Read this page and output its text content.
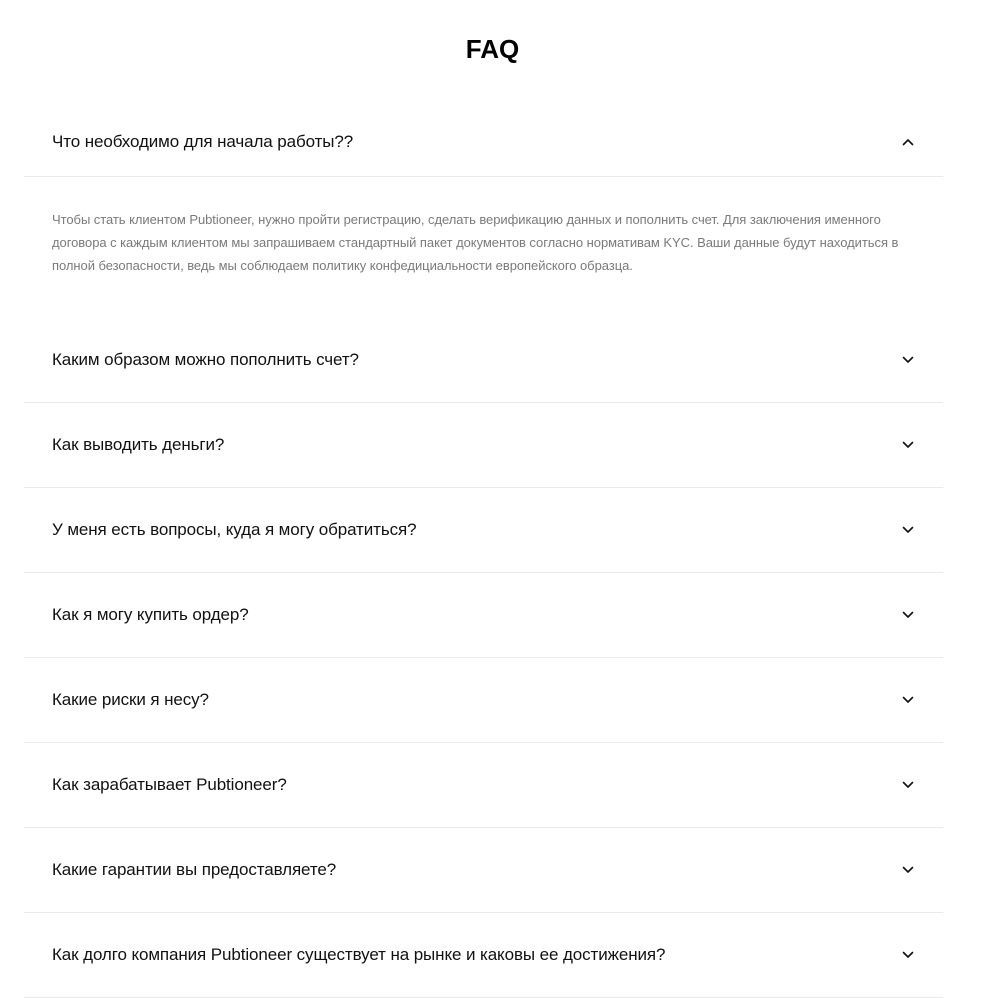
FAQ
Что необходимо для начала работы??
Чтобы стать клиентом Pubtioneer, нужно пройти регистрацию, сделать верификацию данных и пополнить счет. Для заключения именного договора с каждым клиентом мы запрашиваем стандартный пакет документов согласно нормативам KYC. Ваши данные будут находиться в полной безопасности, ведь мы соблюдаем политику конфедициальности европейского образца.
Каким образом можно пополнить счет?
Как выводить деньги?
У меня есть вопросы, куда я могу обратиться?
Как я могу купить ордер?
Какие риски я несу?
Как зарабатывает Pubtioneer?
Какие гарантии вы предоставляете?
Как долго компания Pubtioneer существует на рынке и каковы ее достижения?
